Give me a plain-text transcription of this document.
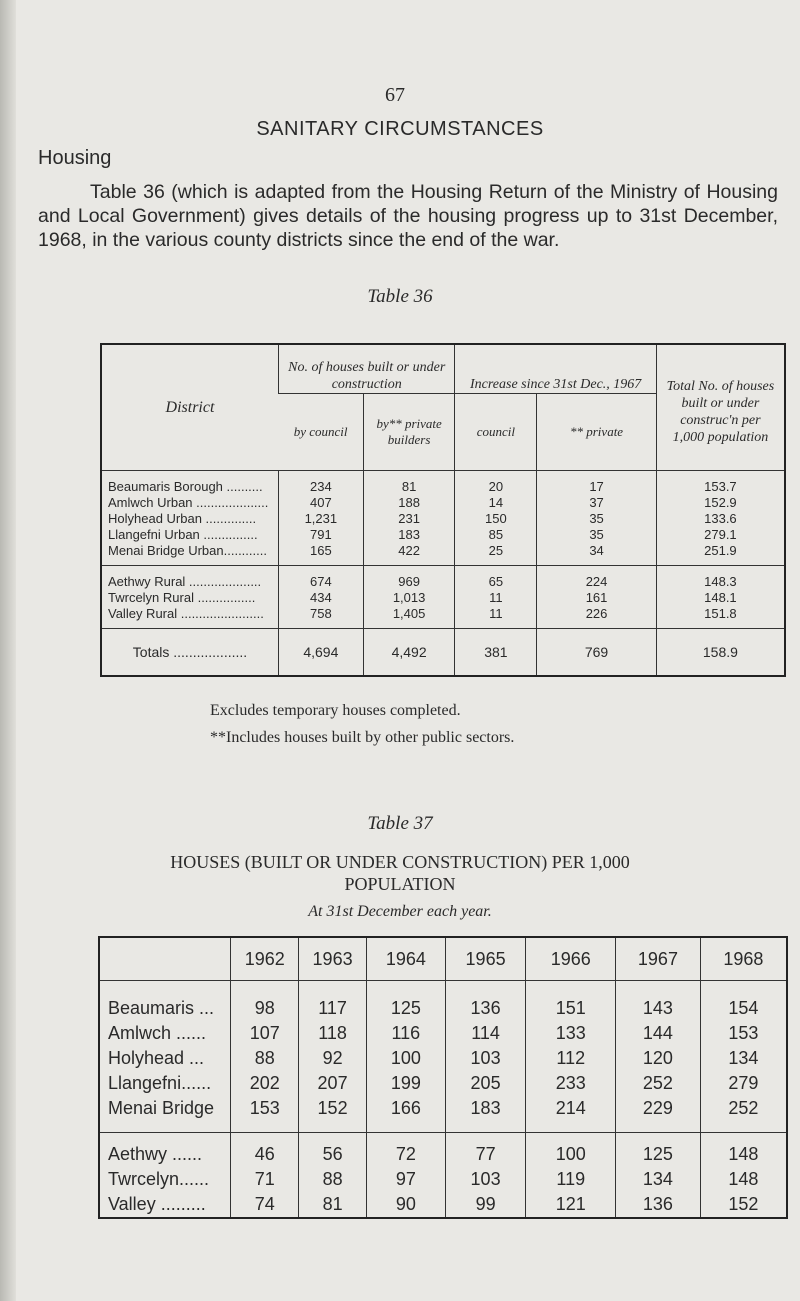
67
SANITARY CIRCUMSTANCES
Housing

Table 36 (which is adapted from the Housing Return of the Ministry of Housing and Local Government) gives details of the housing progress up to 31st December, 1968, in the various county districts since the end of the war.

Table 36
District	No. of houses built or under construction		Increase since 31st Dec., 1967		Total No. of houses built or under construc'n per 1,000 population
	by council	by** private builders	council	** private	
Beaumaris Borough ..........	234	81	20	17	153.7
Amlwch Urban ....................	407	188	14	37	152.9
Holyhead Urban ..............	1,231	231	150	35	133.6
Llangefni Urban ...............	791	183	85	35	279.1
Menai Bridge Urban............	165	422	25	34	251.9
Aethwy Rural ....................	674	969	65	224	148.3
Twrcelyn Rural ................	434	1,013	11	161	148.1
Valley Rural .......................	758	1,405	11	226	151.8
Totals ...................	4,694	4,492	381	769	158.9
Excludes temporary houses completed.
**Includes houses built by other public sectors.
Table 37
HOUSES (BUILT OR UNDER CONSTRUCTION) PER 1,000
POPULATION
At 31st December each year.
	1962	1963	1964	1965	1966	1967	1968
Beaumaris ...	98	117	125	136	151	143	154
Amlwch ......	107	118	116	114	133	144	153
Holyhead ...	88	92	100	103	112	120	134
Llangefni......	202	207	199	205	233	252	279
Menai Bridge	153	152	166	183	214	229	252
Aethwy ......	46	56	72	77	100	125	148
Twrcelyn......	71	88	97	103	119	134	148
Valley .........	74	81	90	99	121	136	152
